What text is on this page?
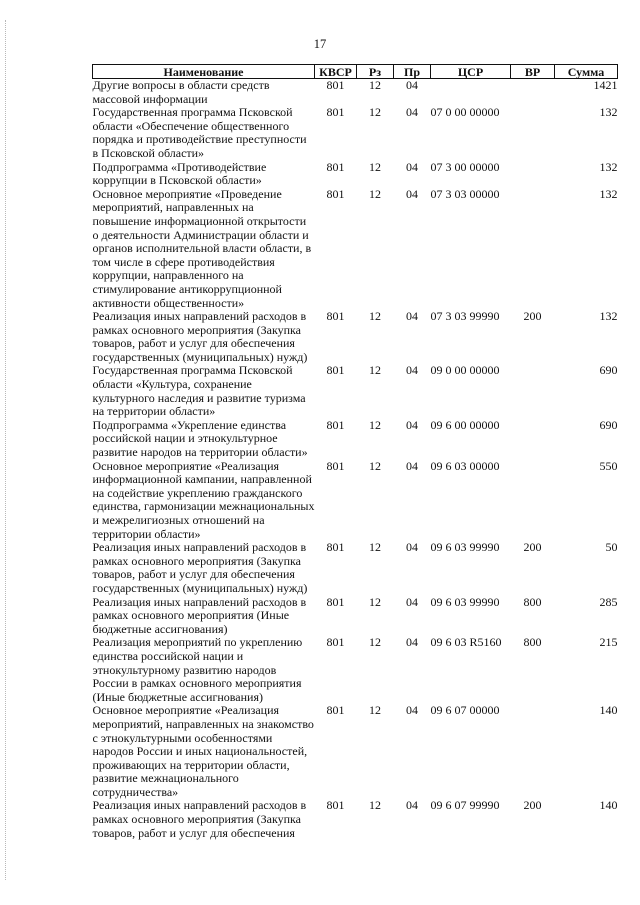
17
Наименование	КВСР	Рз	Пр	ЦСР	ВР	Сумма
Другие вопросы в области средств массовой информации	801	12	04			1421
Государственная программа Псковской области «Обеспечение общественного порядка и противодействие преступности в Псковской области»	801	12	04	07 0 00 00000		132
Подпрограмма «Противодействие коррупции в Псковской области»	801	12	04	07 3 00 00000		132
Основное мероприятие «Проведение мероприятий, направленных на повышение информационной открытости о деятельности Администрации области и органов исполнительной власти области, в том числе в сфере противодействия коррупции, направленного на стимулирование антикоррупционной активности общественности»	801	12	04	07 3 03 00000		132
Реализация иных направлений расходов в рамках основного мероприятия (Закупка товаров, работ и услуг для обеспечения государственных (муниципальных) нужд)	801	12	04	07 3 03 99990	200	132
Государственная программа Псковской области «Культура, сохранение культурного наследия и развитие туризма на территории области»	801	12	04	09 0 00 00000		690
Подпрограмма «Укрепление единства российской нации и этнокультурное развитие народов на территории области»	801	12	04	09 6 00 00000		690
Основное мероприятие «Реализация информационной кампании, направленной на содействие укреплению гражданского единства, гармонизации межнациональных и межрелигиозных отношений на территории области»	801	12	04	09 6 03 00000		550
Реализация иных направлений расходов в рамках основного мероприятия (Закупка товаров, работ и услуг для обеспечения государственных (муниципальных) нужд)	801	12	04	09 6 03 99990	200	50
Реализация иных направлений расходов в рамках основного мероприятия (Иные бюджетные ассигнования)	801	12	04	09 6 03 99990	800	285
Реализация мероприятий по укреплению единства российской нации и этнокультурному развитию народов России в рамках основного мероприятия (Иные бюджетные ассигнования)	801	12	04	09 6 03 R5160	800	215
Основное мероприятие «Реализация мероприятий, направленных на знакомство с этнокультурными особенностями народов России и иных национальностей, проживающих на территории области, развитие межнационального сотрудничества»	801	12	04	09 6 07 00000		140
Реализация иных направлений расходов в рамках основного мероприятия (Закупка товаров, работ и услуг для обеспечения	801	12	04	09 6 07 99990	200	140
